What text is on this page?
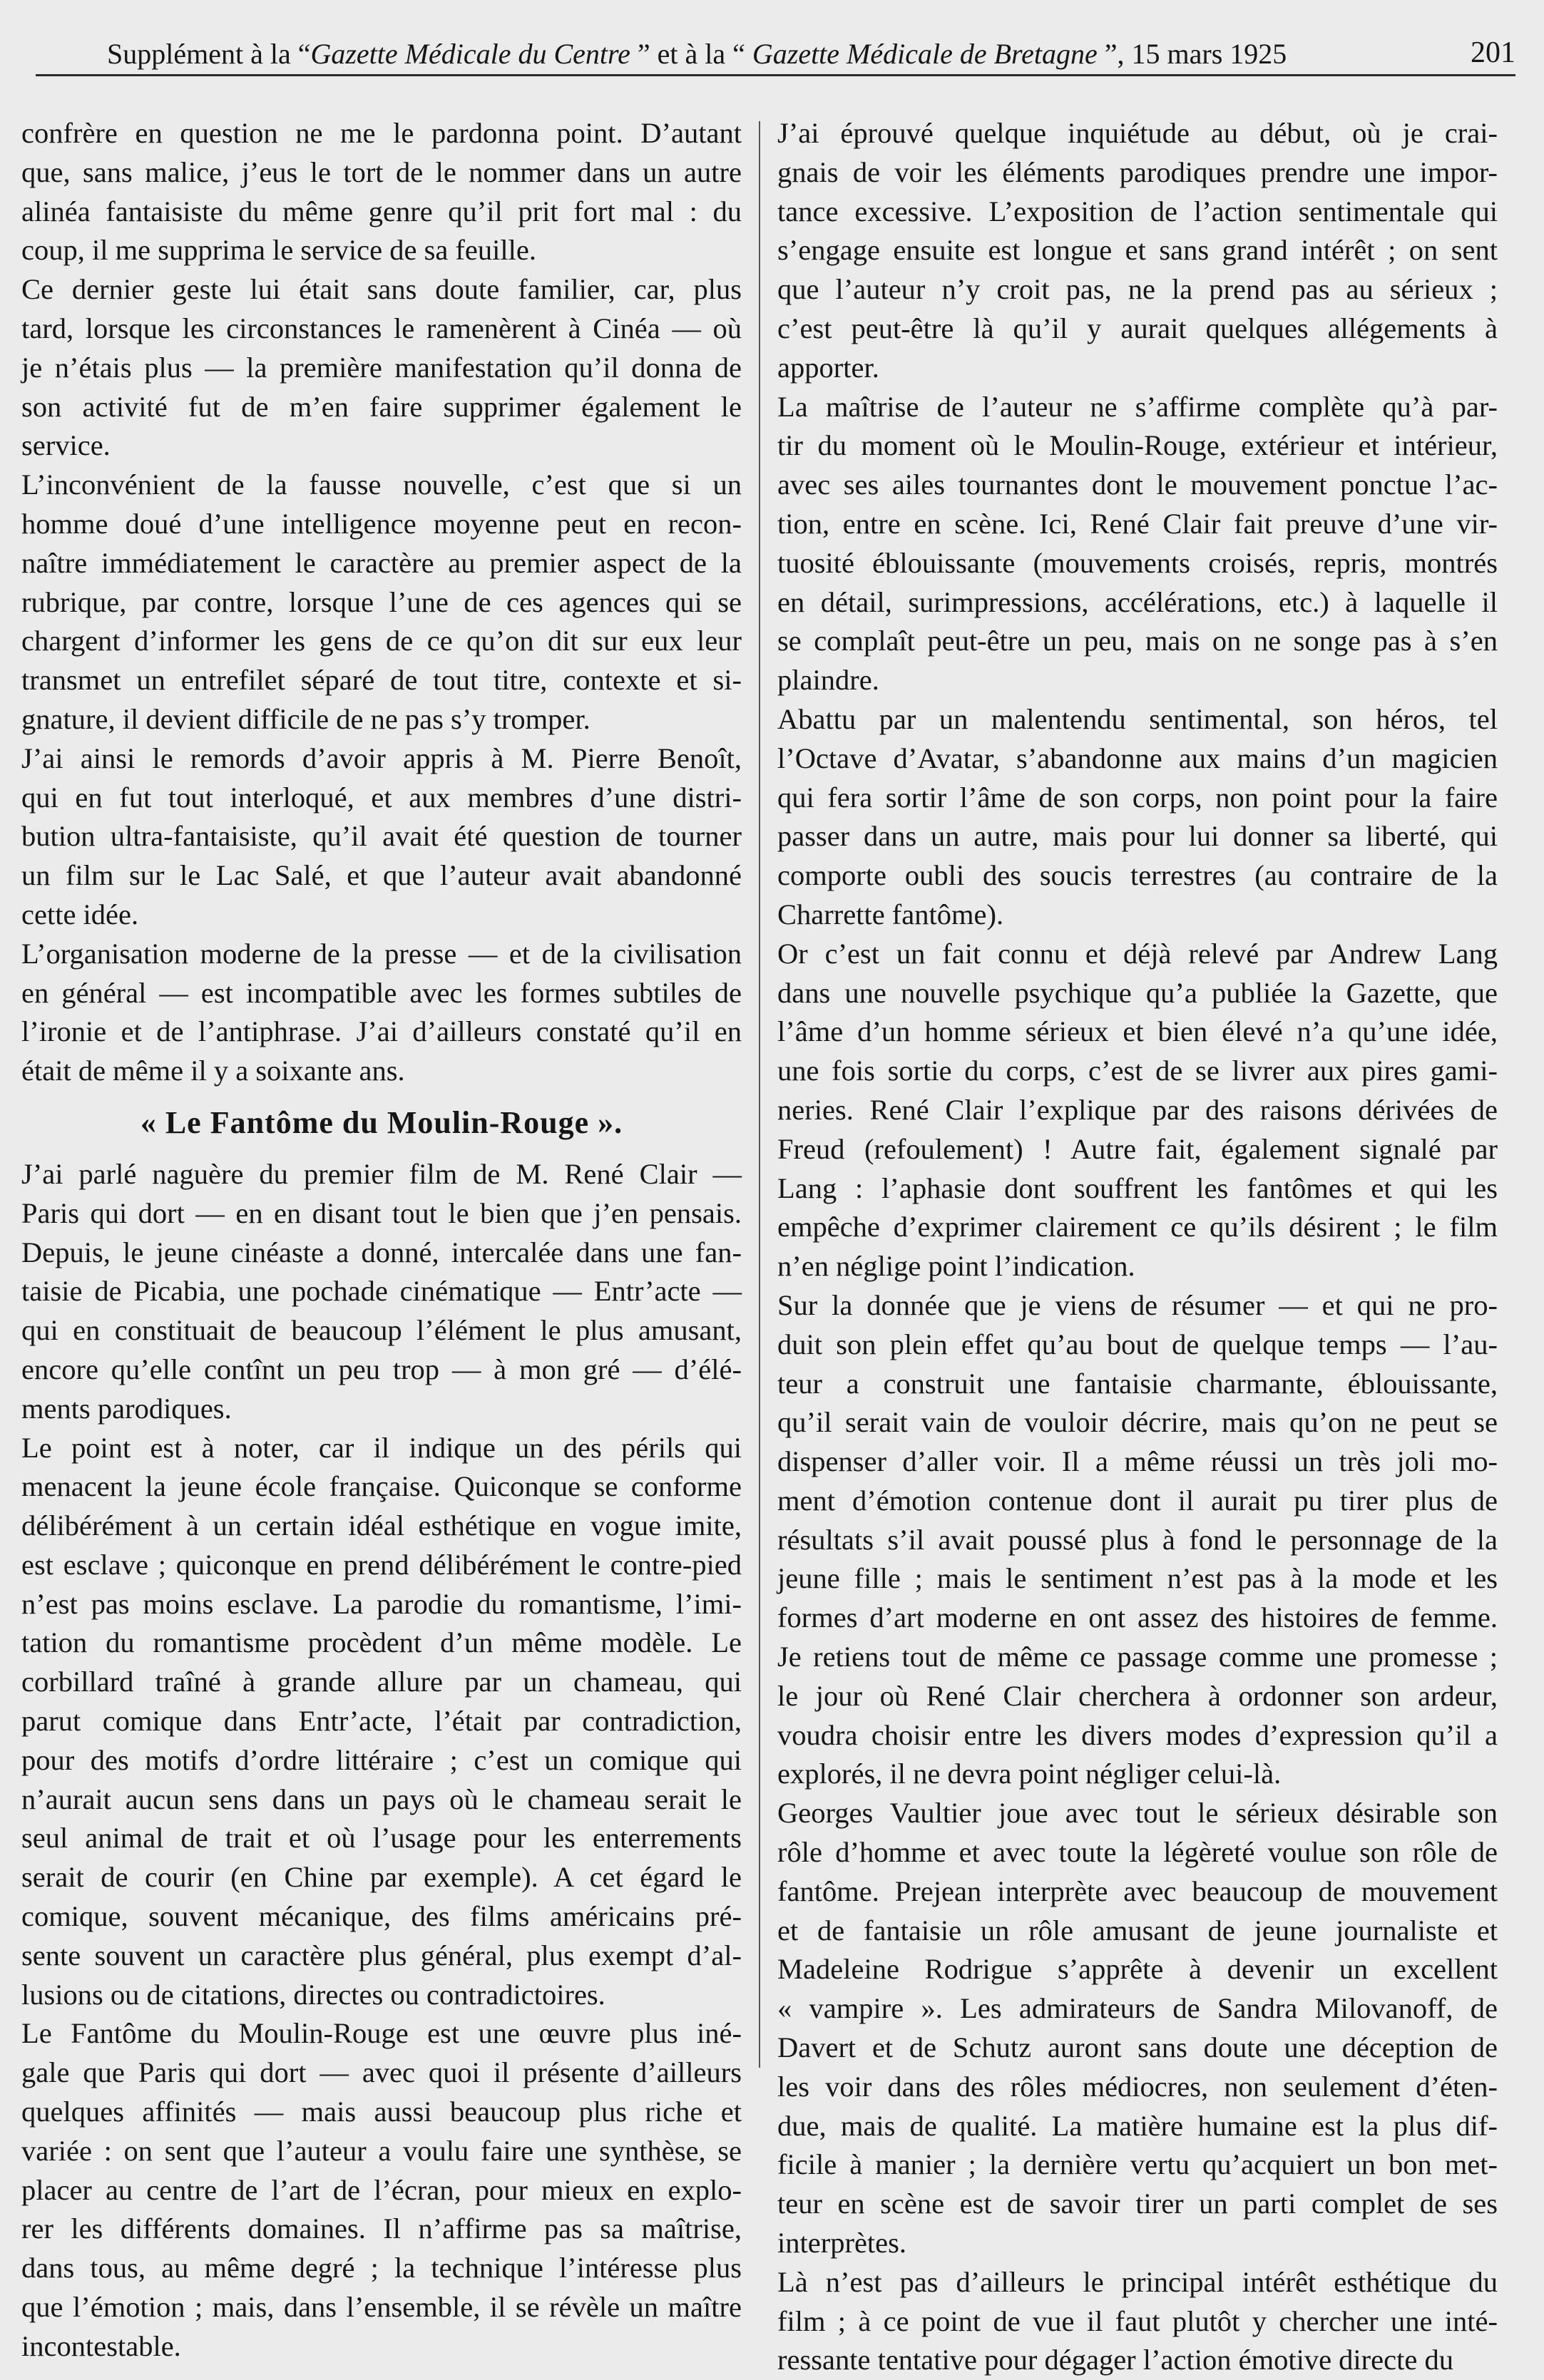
Supplément à la “Gazette Médicale du Centre ” et à la “ Gazette Médicale de Bretagne ”, 15 mars 1925	201
confrère en question ne me le pardonna point. D’autant
que, sans malice, j’eus le tort de le nommer dans un autre
alinéa fantaisiste du même genre qu’il prit fort mal : du
coup, il me supprima le service de sa feuille.
Ce dernier geste lui était sans doute familier, car, plus
tard, lorsque les circonstances le ramenèrent à Cinéa — où
je n’étais plus — la première manifestation qu’il donna de
son activité fut de m’en faire supprimer également le
service.
L’inconvénient de la fausse nouvelle, c’est que si un
homme doué d’une intelligence moyenne peut en recon-
naître immédiatement le caractère au premier aspect de la
rubrique, par contre, lorsque l’une de ces agences qui se
chargent d’informer les gens de ce qu’on dit sur eux leur
transmet un entrefilet séparé de tout titre, contexte et si-
gnature, il devient difficile de ne pas s’y tromper.
J’ai ainsi le remords d’avoir appris à M. Pierre Benoît,
qui en fut tout interloqué, et aux membres d’une distri-
bution ultra-fantaisiste, qu’il avait été question de tourner
un film sur le Lac Salé, et que l’auteur avait abandonné
cette idée.
L’organisation moderne de la presse — et de la civilisation
en général — est incompatible avec les formes subtiles de
l’ironie et de l’antiphrase. J’ai d’ailleurs constaté qu’il en
était de même il y a soixante ans.
« Le Fantôme du Moulin-Rouge ».
J’ai parlé naguère du premier film de M. René Clair —
Paris qui dort — en en disant tout le bien que j’en pensais.
Depuis, le jeune cinéaste a donné, intercalée dans une fan-
taisie de Picabia, une pochade cinématique — Entr’acte —
qui en constituait de beaucoup l’élément le plus amusant,
encore qu’elle contînt un peu trop — à mon gré — d’élé-
ments parodiques.
Le point est à noter, car il indique un des périls qui
menacent la jeune école française. Quiconque se conforme
délibérément à un certain idéal esthétique en vogue imite,
est esclave ; quiconque en prend délibérément le contre-pied
n’est pas moins esclave. La parodie du romantisme, l’imi-
tation du romantisme procèdent d’un même modèle. Le
corbillard traîné à grande allure par un chameau, qui
parut comique dans Entr’acte, l’était par contradiction,
pour des motifs d’ordre littéraire ; c’est un comique qui
n’aurait aucun sens dans un pays où le chameau serait le
seul animal de trait et où l’usage pour les enterrements
serait de courir (en Chine par exemple). A cet égard le
comique, souvent mécanique, des films américains pré-
sente souvent un caractère plus général, plus exempt d’al-
lusions ou de citations, directes ou contradictoires.
Le Fantôme du Moulin-Rouge est une œuvre plus iné-
gale que Paris qui dort — avec quoi il présente d’ailleurs
quelques affinités — mais aussi beaucoup plus riche et
variée : on sent que l’auteur a voulu faire une synthèse, se
placer au centre de l’art de l’écran, pour mieux en explo-
rer les différents domaines. Il n’affirme pas sa maîtrise,
dans tous, au même degré ; la technique l’intéresse plus
que l’émotion ; mais, dans l’ensemble, il se révèle un maître
incontestable.
J’ai éprouvé quelque inquiétude au début, où je crai-
gnais de voir les éléments parodiques prendre une impor-
tance excessive. L’exposition de l’action sentimentale qui
s’engage ensuite est longue et sans grand intérêt ; on sent
que l’auteur n’y croit pas, ne la prend pas au sérieux ;
c’est peut-être là qu’il y aurait quelques allégements à
apporter.
La maîtrise de l’auteur ne s’affirme complète qu’à par-
tir du moment où le Moulin-Rouge, extérieur et intérieur,
avec ses ailes tournantes dont le mouvement ponctue l’ac-
tion, entre en scène. Ici, René Clair fait preuve d’une vir-
tuosité éblouissante (mouvements croisés, repris, montrés
en détail, surimpressions, accélérations, etc.) à laquelle il
se complaît peut-être un peu, mais on ne songe pas à s’en
plaindre.
Abattu par un malentendu sentimental, son héros, tel
l’Octave d’Avatar, s’abandonne aux mains d’un magicien
qui fera sortir l’âme de son corps, non point pour la faire
passer dans un autre, mais pour lui donner sa liberté, qui
comporte oubli des soucis terrestres (au contraire de la
Charrette fantôme).
Or c’est un fait connu et déjà relevé par Andrew Lang
dans une nouvelle psychique qu’a publiée la Gazette, que
l’âme d’un homme sérieux et bien élevé n’a qu’une idée,
une fois sortie du corps, c’est de se livrer aux pires gami-
neries. René Clair l’explique par des raisons dérivées de
Freud (refoulement) ! Autre fait, également signalé par
Lang : l’aphasie dont souffrent les fantômes et qui les
empêche d’exprimer clairement ce qu’ils désirent ; le film
n’en néglige point l’indication.
Sur la donnée que je viens de résumer — et qui ne pro-
duit son plein effet qu’au bout de quelque temps — l’au-
teur a construit une fantaisie charmante, éblouissante,
qu’il serait vain de vouloir décrire, mais qu’on ne peut se
dispenser d’aller voir. Il a même réussi un très joli mo-
ment d’émotion contenue dont il aurait pu tirer plus de
résultats s’il avait poussé plus à fond le personnage de la
jeune fille ; mais le sentiment n’est pas à la mode et les
formes d’art moderne en ont assez des histoires de femme.
Je retiens tout de même ce passage comme une promesse ;
le jour où René Clair cherchera à ordonner son ardeur,
voudra choisir entre les divers modes d’expression qu’il a
explorés, il ne devra point négliger celui-là.
Georges Vaultier joue avec tout le sérieux désirable son
rôle d’homme et avec toute la légèreté voulue son rôle de
fantôme. Prejean interprète avec beaucoup de mouvement
et de fantaisie un rôle amusant de jeune journaliste et
Madeleine Rodrigue s’apprête à devenir un excellent
« vampire ». Les admirateurs de Sandra Milovanoff, de
Davert et de Schutz auront sans doute une déception de
les voir dans des rôles médiocres, non seulement d’éten-
due, mais de qualité. La matière humaine est la plus dif-
ficile à manier ; la dernière vertu qu’acquiert un bon met-
teur en scène est de savoir tirer un parti complet de ses
interprètes.
Là n’est pas d’ailleurs le principal intérêt esthétique du
film ; à ce point de vue il faut plutôt y chercher une inté-
ressante tentative pour dégager l’action émotive directe du
